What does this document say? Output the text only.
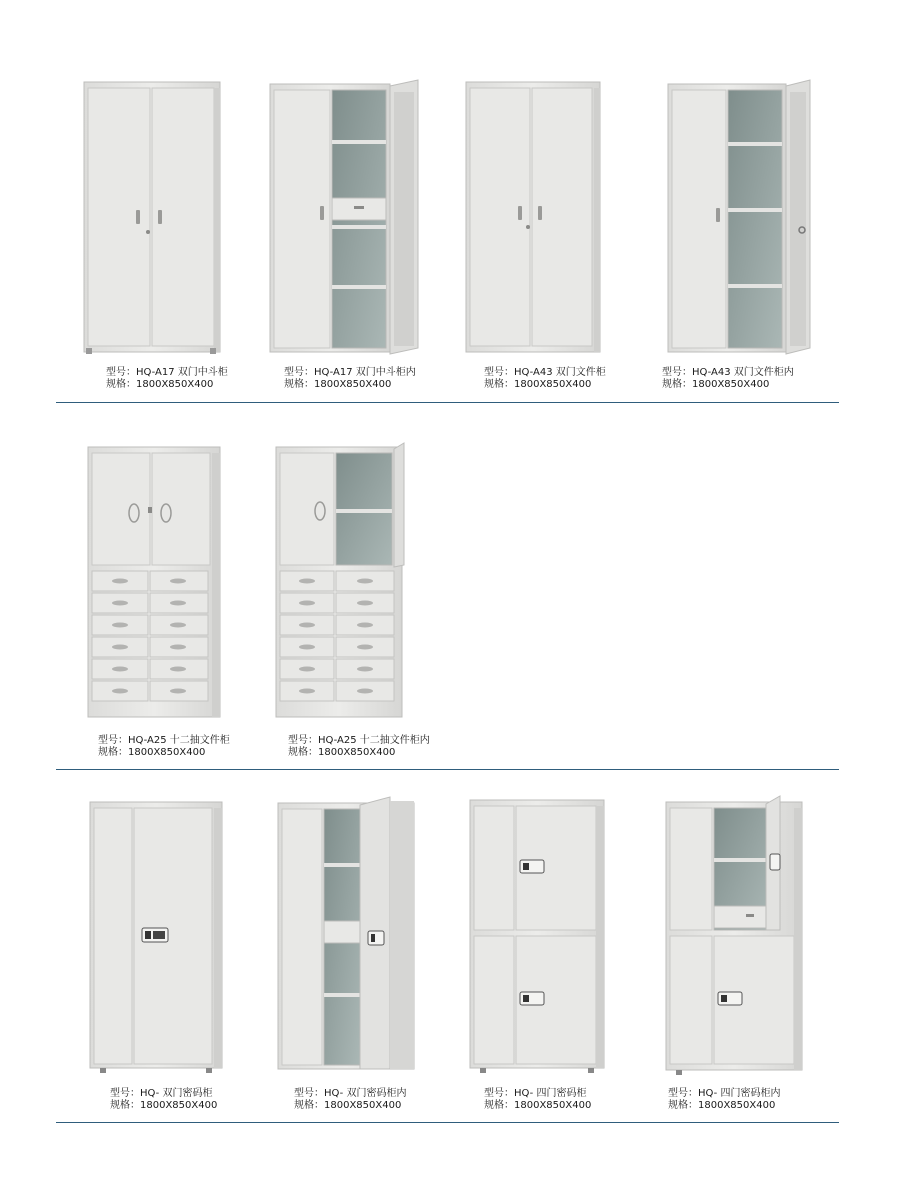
型号：HQ-A17 双门中斗柜
规格：1800X850X400
型号：HQ-A17 双门中斗柜内
规格：1800X850X400
型号：HQ-A43 双门文件柜
规格：1800X850X400
型号：HQ-A43 双门文件柜内
规格：1800X850X400
型号：HQ-A25 十二抽文件柜
规格：1800X850X400
型号：HQ-A25 十二抽文件柜内
规格：1800X850X400
型号：HQ- 双门密码柜
规格：1800X850X400
型号：HQ- 双门密码柜内
规格：1800X850X400
型号：HQ- 四门密码柜
规格：1800X850X400
型号：HQ- 四门密码柜内
规格：1800X850X400
